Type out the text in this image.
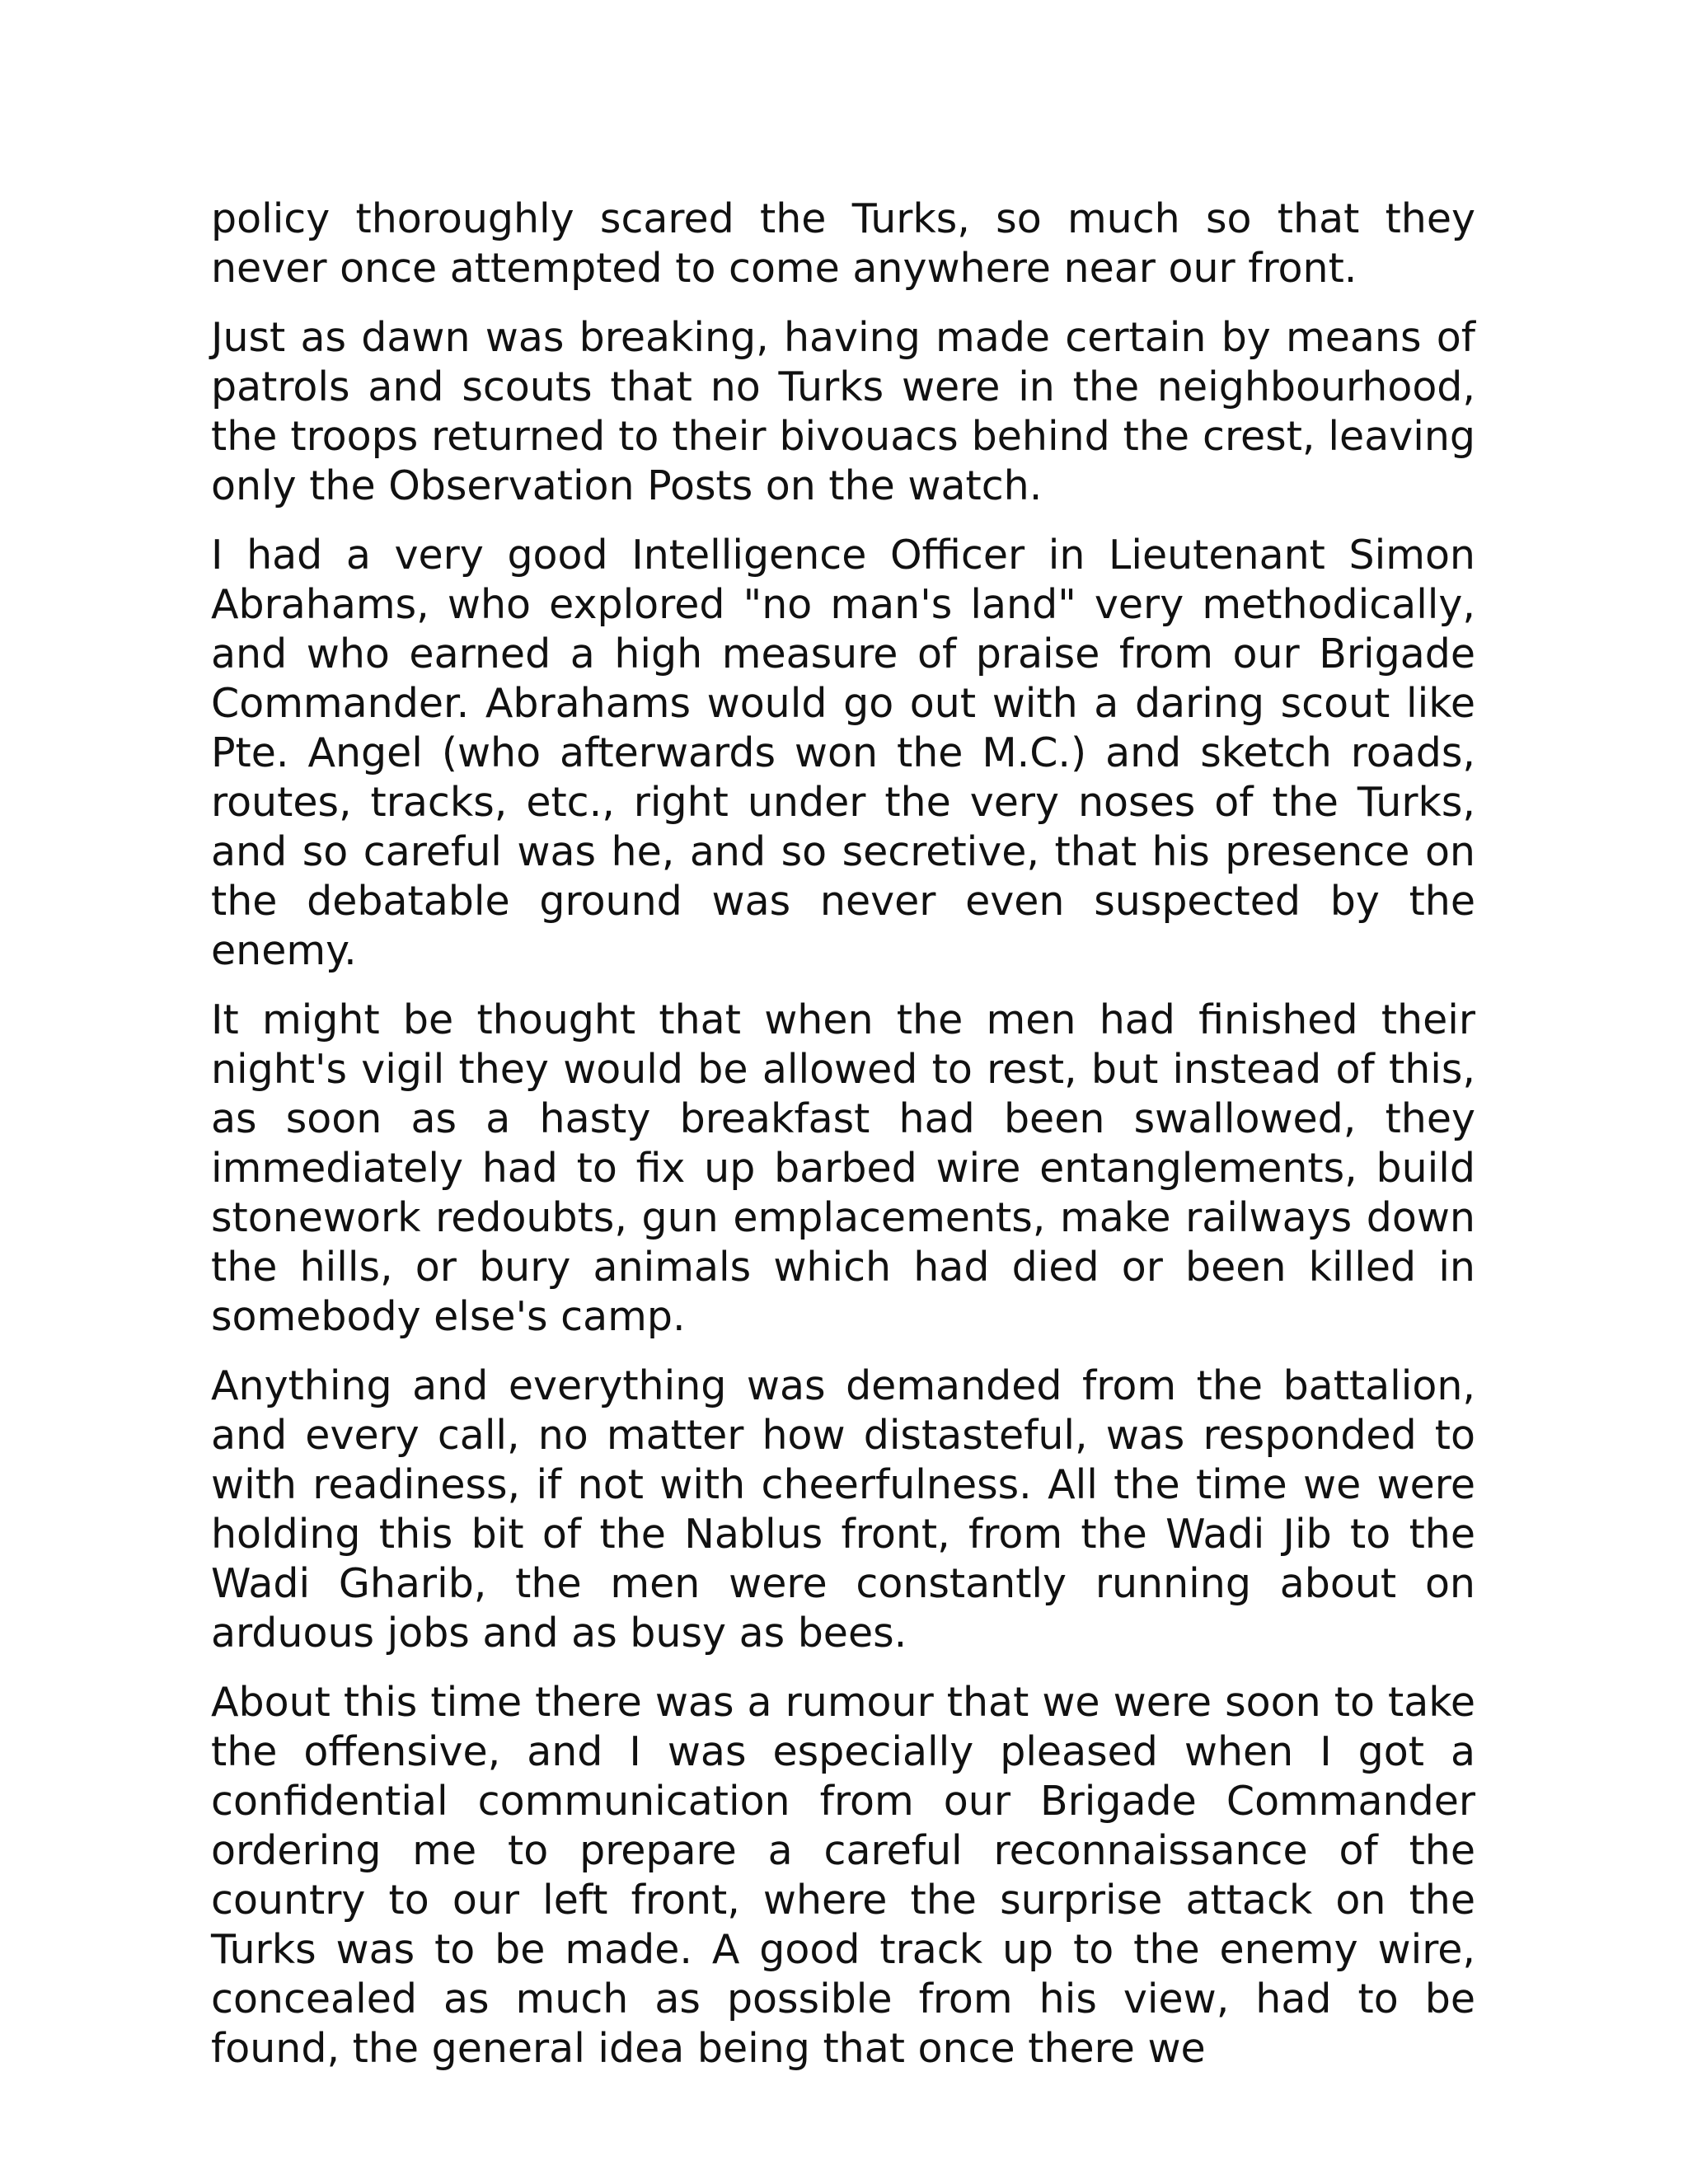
policy thoroughly scared the Turks, so much so that they never once attempted to come anywhere near our front.

Just as dawn was breaking, having made certain by means of patrols and scouts that no Turks were in the neighbourhood, the troops returned to their bivouacs behind the crest, leaving only the Observation Posts on the watch.

I had a very good Intelligence Officer in Lieutenant Simon Abrahams, who explored "no man's land" very methodically, and who earned a high measure of praise from our Brigade Commander. Abrahams would go out with a daring scout like Pte. Angel (who afterwards won the M.C.) and sketch roads, routes, tracks, etc., right under the very noses of the Turks, and so careful was he, and so secretive, that his presence on the debatable ground was never even suspected by the enemy.

It might be thought that when the men had finished their night's vigil they would be allowed to rest, but instead of this, as soon as a hasty breakfast had been swallowed, they immediately had to fix up barbed wire entanglements, build stonework redoubts, gun emplacements, make railways down the hills, or bury animals which had died or been killed in somebody else's camp.

Anything and everything was demanded from the battalion, and every call, no matter how distasteful, was responded to with readiness, if not with cheerfulness. All the time we were holding this bit of the Nablus front, from the Wadi Jib to the Wadi Gharib, the men were constantly running about on arduous jobs and as busy as bees.

About this time there was a rumour that we were soon to take the offensive, and I was especially pleased when I got a confidential communication from our Brigade Commander ordering me to prepare a careful reconnaissance of the country to our left front, where the surprise attack on the Turks was to be made. A good track up to the enemy wire, concealed as much as possible from his view, had to be found, the general idea being that once there we
